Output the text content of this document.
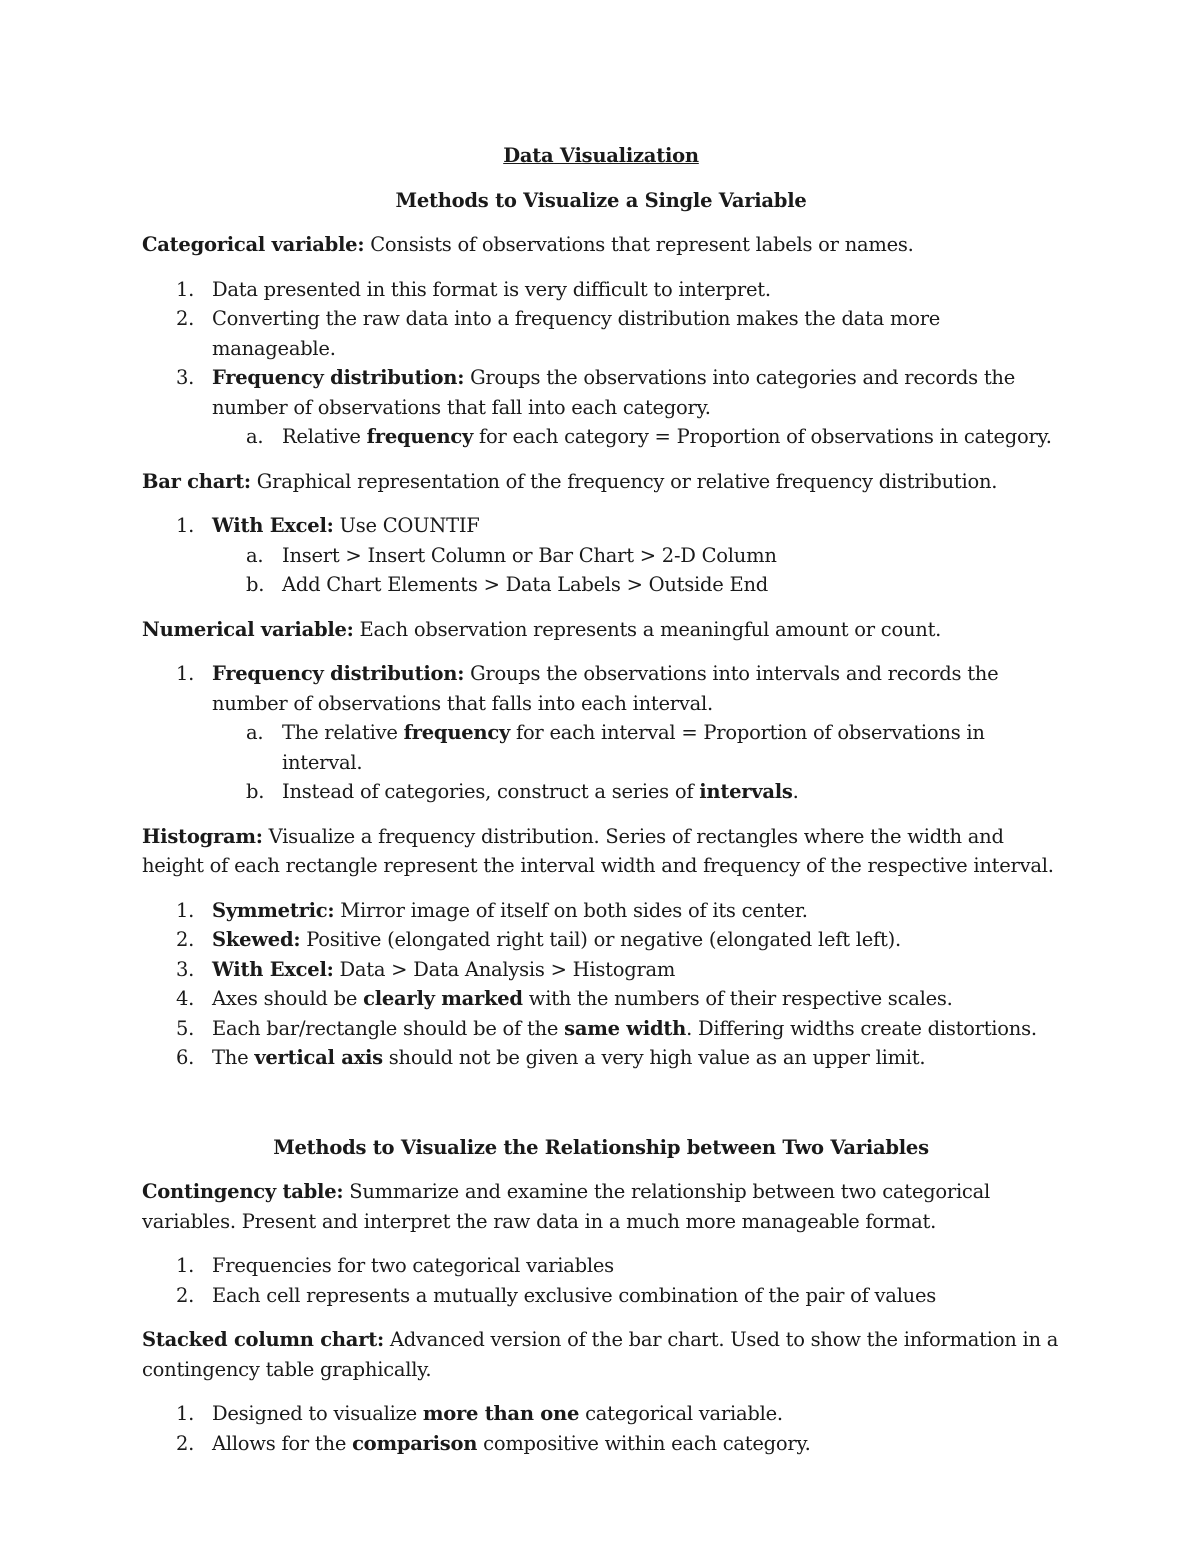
Data Visualization

Methods to Visualize a Single Variable

Categorical variable: Consists of observations that represent labels or names.

1. Data presented in this format is very difficult to interpret.
2. Converting the raw data into a frequency distribution makes the data more manageable.
3. Frequency distribution: Groups the observations into categories and records the number of observations that fall into each category.
a. Relative frequency for each category = Proportion of observations in category.

Bar chart: Graphical representation of the frequency or relative frequency distribution.

1. With Excel: Use COUNTIF
a. Insert > Insert Column or Bar Chart > 2-D Column
b. Add Chart Elements > Data Labels > Outside End

Numerical variable: Each observation represents a meaningful amount or count.

1. Frequency distribution: Groups the observations into intervals and records the number of observations that falls into each interval.
a. The relative frequency for each interval = Proportion of observations in interval.
b. Instead of categories, construct a series of intervals.

Histogram: Visualize a frequency distribution. Series of rectangles where the width and height of each rectangle represent the interval width and frequency of the respective interval.

1. Symmetric: Mirror image of itself on both sides of its center.
2. Skewed: Positive (elongated right tail) or negative (elongated left left).
3. With Excel: Data > Data Analysis > Histogram
4. Axes should be clearly marked with the numbers of their respective scales.
5. Each bar/rectangle should be of the same width. Differing widths create distortions.
6. The vertical axis should not be given a very high value as an upper limit.

Methods to Visualize the Relationship between Two Variables

Contingency table: Summarize and examine the relationship between two categorical variables. Present and interpret the raw data in a much more manageable format.

1. Frequencies for two categorical variables
2. Each cell represents a mutually exclusive combination of the pair of values

Stacked column chart: Advanced version of the bar chart. Used to show the information in a contingency table graphically.

1. Designed to visualize more than one categorical variable.
2. Allows for the comparison compositive within each category.
